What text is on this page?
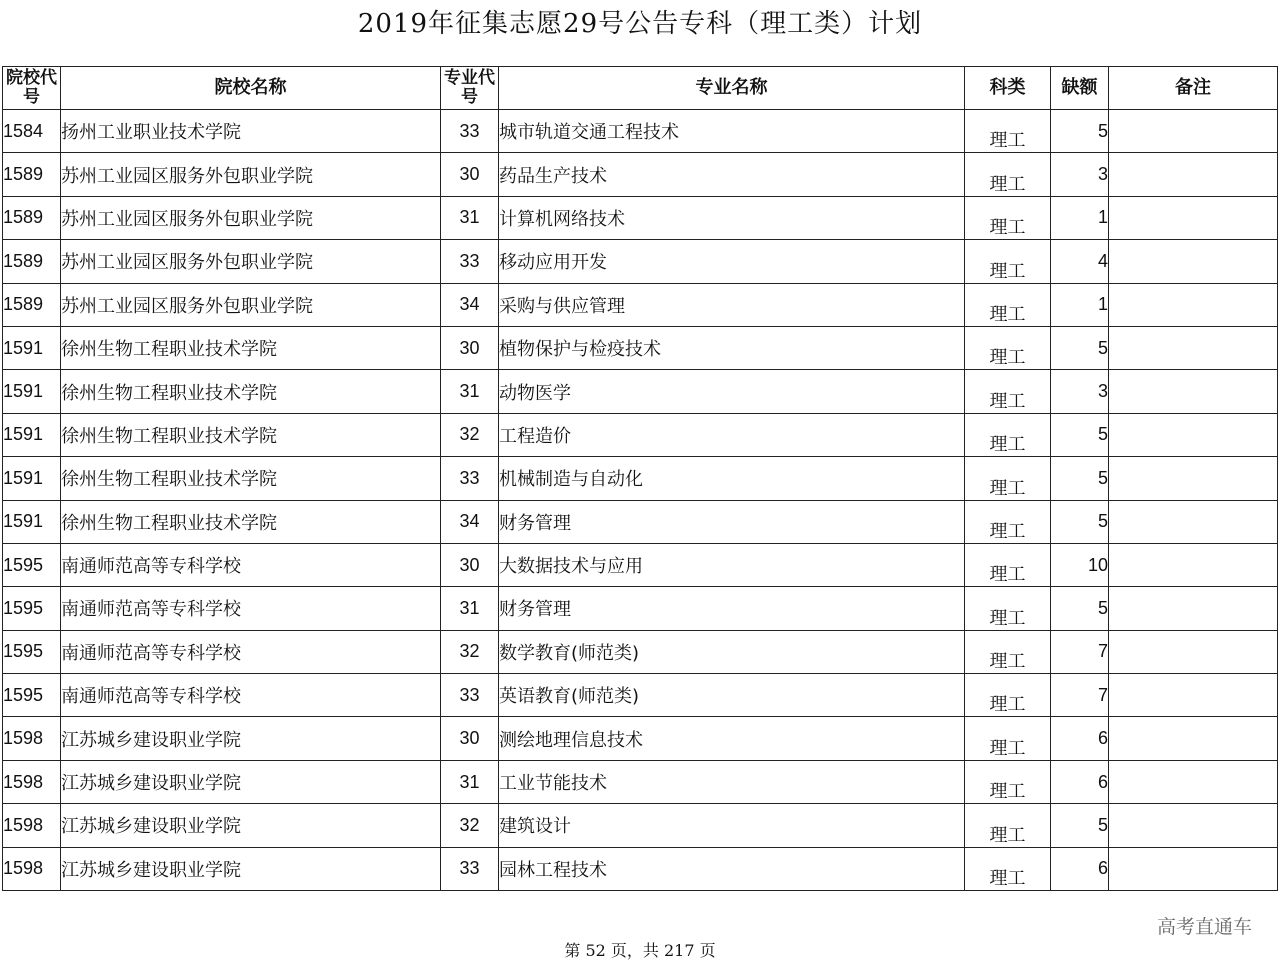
2019年征集志愿29号公告专科（理工类）计划
院校代号	院校名称	专业代号	专业名称	科类	缺额	备注
1584	扬州工业职业技术学院	33	城市轨道交通工程技术	理工	5	
1589	苏州工业园区服务外包职业学院	30	药品生产技术	理工	3	
1589	苏州工业园区服务外包职业学院	31	计算机网络技术	理工	1	
1589	苏州工业园区服务外包职业学院	33	移动应用开发	理工	4	
1589	苏州工业园区服务外包职业学院	34	采购与供应管理	理工	1	
1591	徐州生物工程职业技术学院	30	植物保护与检疫技术	理工	5	
1591	徐州生物工程职业技术学院	31	动物医学	理工	3	
1591	徐州生物工程职业技术学院	32	工程造价	理工	5	
1591	徐州生物工程职业技术学院	33	机械制造与自动化	理工	5	
1591	徐州生物工程职业技术学院	34	财务管理	理工	5	
1595	南通师范高等专科学校	30	大数据技术与应用	理工	10	
1595	南通师范高等专科学校	31	财务管理	理工	5	
1595	南通师范高等专科学校	32	数学教育(师范类)	理工	7	
1595	南通师范高等专科学校	33	英语教育(师范类)	理工	7	
1598	江苏城乡建设职业学院	30	测绘地理信息技术	理工	6	
1598	江苏城乡建设职业学院	31	工业节能技术	理工	6	
1598	江苏城乡建设职业学院	32	建筑设计	理工	5	
1598	江苏城乡建设职业学院	33	园林工程技术	理工	6	
高考直通车
第 52 页，共 217 页
